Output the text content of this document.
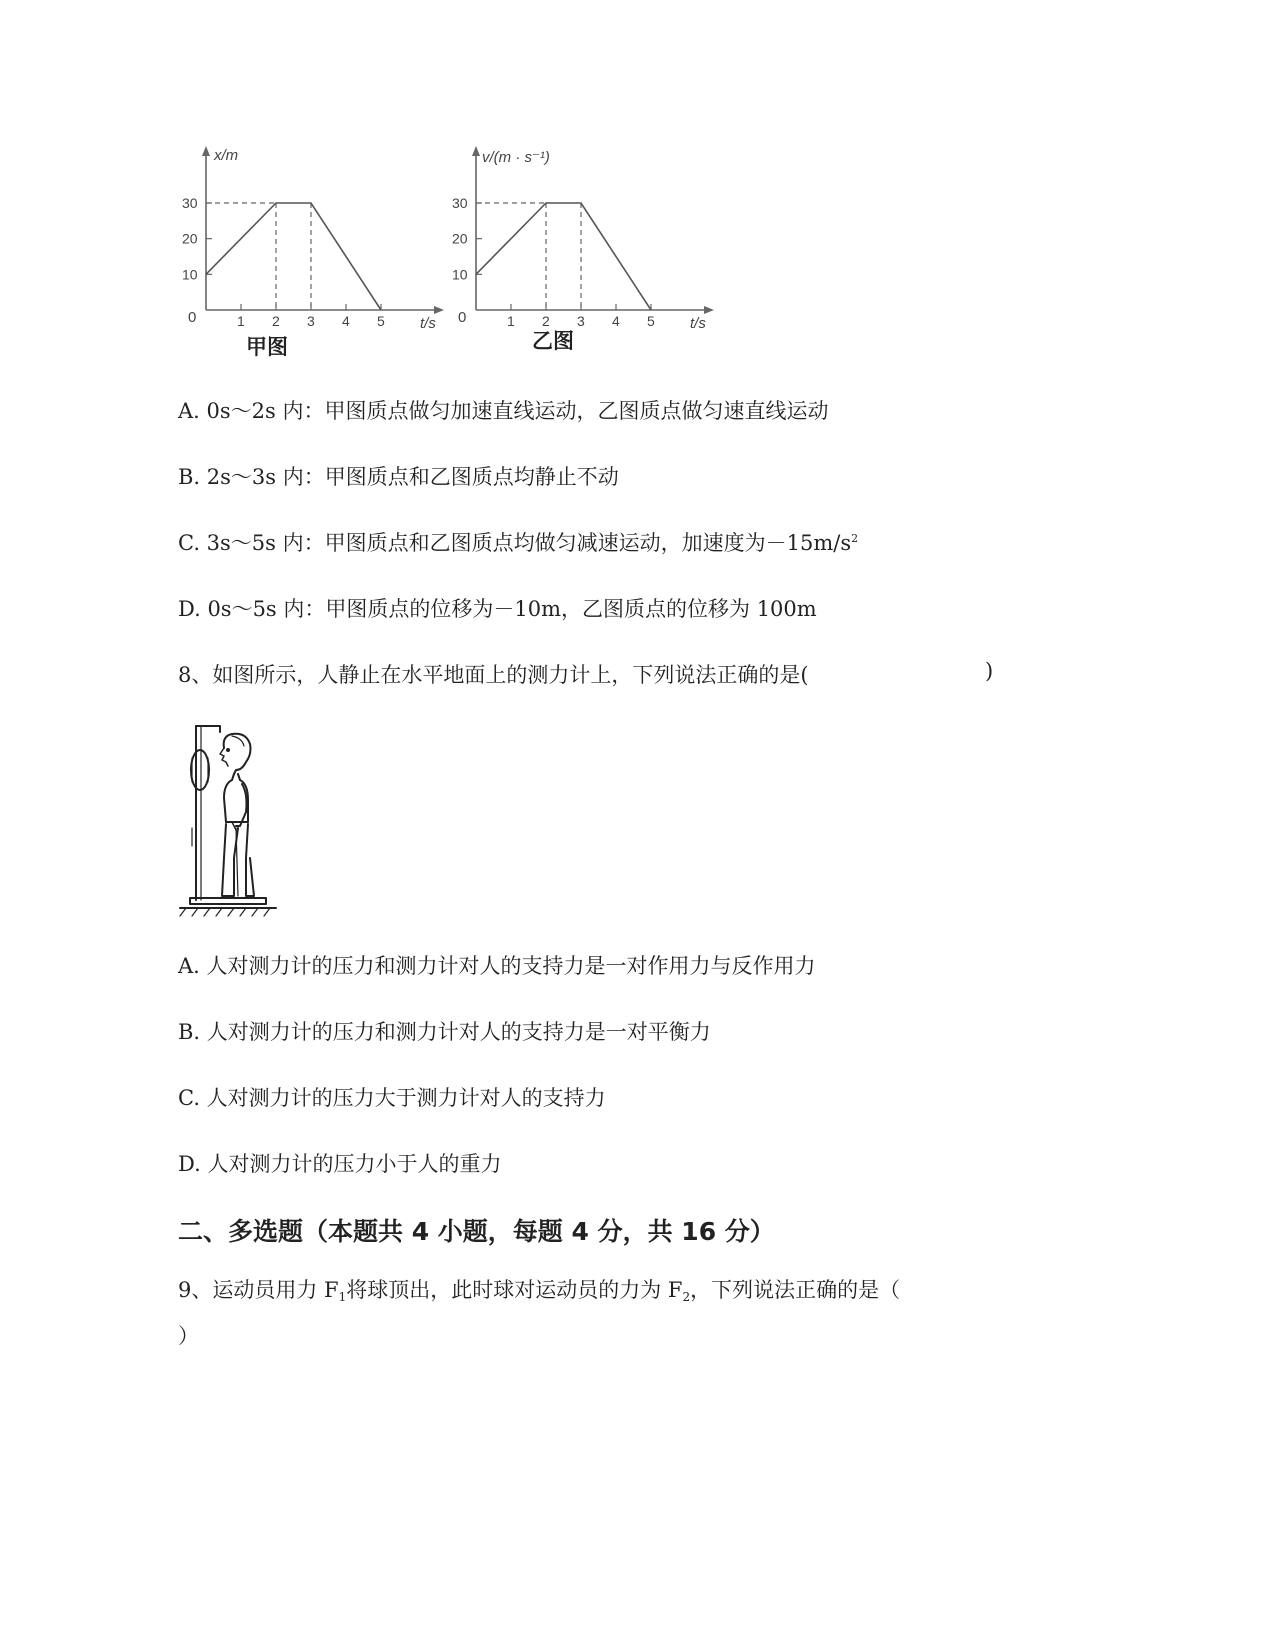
1 2 3 4 5
10
20
30
x/m
t/s
0
甲图
1 2 3 4 5
10
20
30
v/(m · s⁻¹)
t/s
0
乙图
A. 0s～2s 内：甲图质点做匀加速直线运动，乙图质点做匀速直线运动
B. 2s～3s 内：甲图质点和乙图质点均静止不动
C. 3s～5s 内：甲图质点和乙图质点均做匀减速运动，加速度为$-15m/s^2$
D. 0s～5s 内：甲图质点的位移为－10m，乙图质点的位移为 100m
8、如图所示，人静止在水平地面上的测力计上，下列说法正确的是(	)
A. 人对测力计的压力和测力计对人的支持力是一对作用力与反作用力
B. 人对测力计的压力和测力计对人的支持力是一对平衡力
C. 人对测力计的压力大于测力计对人的支持力
D. 人对测力计的压力小于人的重力
二、多选题（本题共 4 小题，每题 4 分，共 16 分）
9、运动员用力 $F_1$将球顶出，此时球对运动员的力为 $F_2$，下列说法正确的是（
）
